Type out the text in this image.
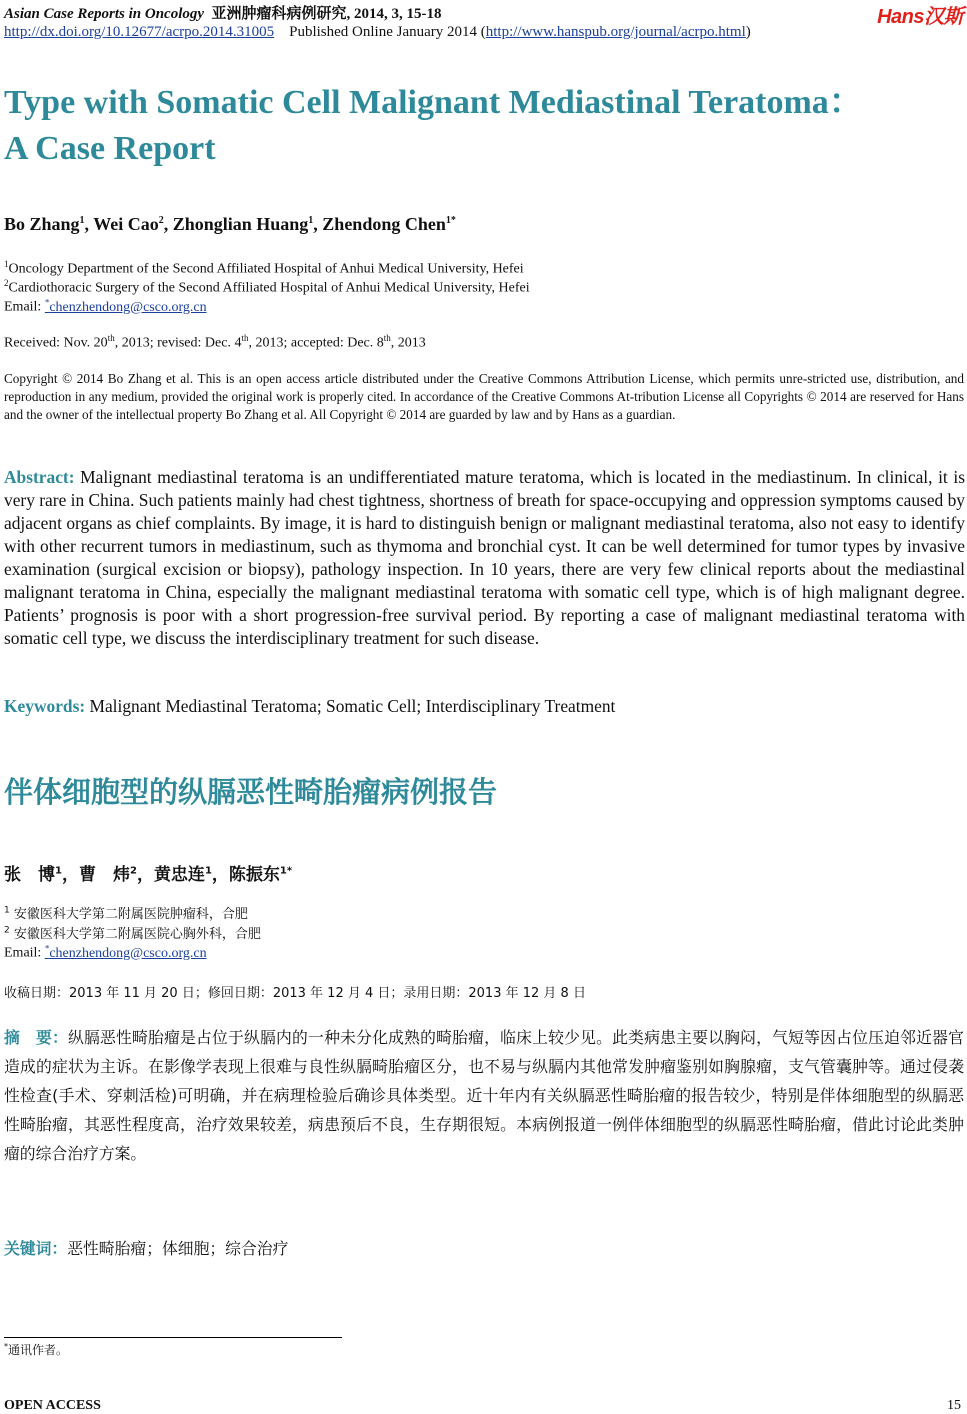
Asian Case Reports in Oncology 亚洲肿瘤科病例研究, 2014, 3, 15-18
http://dx.doi.org/10.12677/acrpo.2014.31005 Published Online January 2014 (http://www.hanspub.org/journal/acrpo.html)
Hans汉斯
Type with Somatic Cell Malignant Mediastinal Teratoma：
A Case Report
Bo Zhang$^1$, Wei Cao$^2$, Zhonglian Huang$^1$, Zhendong Chen$^{1*}$
$^1$Oncology Department of the Second Affiliated Hospital of Anhui Medical University, Hefei
$^2$Cardiothoracic Surgery of the Second Affiliated Hospital of Anhui Medical University, Hefei
Email: *chenzhendong@csco.org.cn
Received: Nov. 20th, 2013; revised: Dec. 4th, 2013; accepted: Dec. 8th, 2013
Copyright © 2014 Bo Zhang et al. This is an open access article distributed under the Creative Commons Attribution License, which permits unre-stricted use, distribution, and reproduction in any medium, provided the original work is properly cited. In accordance of the Creative Commons At-tribution License all Copyrights © 2014 are reserved for Hans and the owner of the intellectual property Bo Zhang et al. All Copyright © 2014 are guarded by law and by Hans as a guardian.
Abstract: Malignant mediastinal teratoma is an undifferentiated mature teratoma, which is located in the mediastinum. In clinical, it is very rare in China. Such patients mainly had chest tightness, shortness of breath for space-occupying and oppression symptoms caused by adjacent organs as chief complaints. By image, it is hard to distinguish benign or malignant mediastinal teratoma, also not easy to identify with other recurrent tumors in mediastinum, such as thymoma and bronchial cyst. It can be well determined for tumor types by invasive examination (surgical excision or biopsy), pathology inspection. In 10 years, there are very few clinical reports about the mediastinal malignant teratoma in China, especially the malignant mediastinal teratoma with somatic cell type, which is of high malignant degree. Patients’ prognosis is poor with a short progression-free survival period. By reporting a case of malignant mediastinal teratoma with somatic cell type, we discuss the interdisciplinary treatment for such disease.
Keywords: Malignant Mediastinal Teratoma; Somatic Cell; Interdisciplinary Treatment
伴体细胞型的纵膈恶性畸胎瘤病例报告
张　博$^1$，曹　炜$^2$，黄忠连$^1$，陈振东$^{1*}$
$^1$ 安徽医科大学第二附属医院肿瘤科，合肥
$^2$ 安徽医科大学第二附属医院心胸外科，合肥
Email: *chenzhendong@csco.org.cn
收稿日期：2013 年 11 月 20 日；修回日期：2013 年 12 月 4 日；录用日期：2013 年 12 月 8 日
摘　要：纵膈恶性畸胎瘤是占位于纵膈内的一种未分化成熟的畸胎瘤，临床上较少见。此类病患主要以胸闷，气短等因占位压迫邻近器官造成的症状为主诉。在影像学表现上很难与良性纵膈畸胎瘤区分，也不易与纵膈内其他常发肿瘤鉴别如胸腺瘤，支气管囊肿等。通过侵袭性检查(手术、穿刺活检)可明确，并在病理检验后确诊具体类型。近十年内有关纵膈恶性畸胎瘤的报告较少，特别是伴体细胞型的纵膈恶性畸胎瘤，其恶性程度高，治疗效果较差，病患预后不良，生存期很短。本病例报道一例伴体细胞型的纵膈恶性畸胎瘤，借此讨论此类肿瘤的综合治疗方案。
关键词：恶性畸胎瘤；体细胞；综合治疗
*通讯作者。
OPEN ACCESS	15
